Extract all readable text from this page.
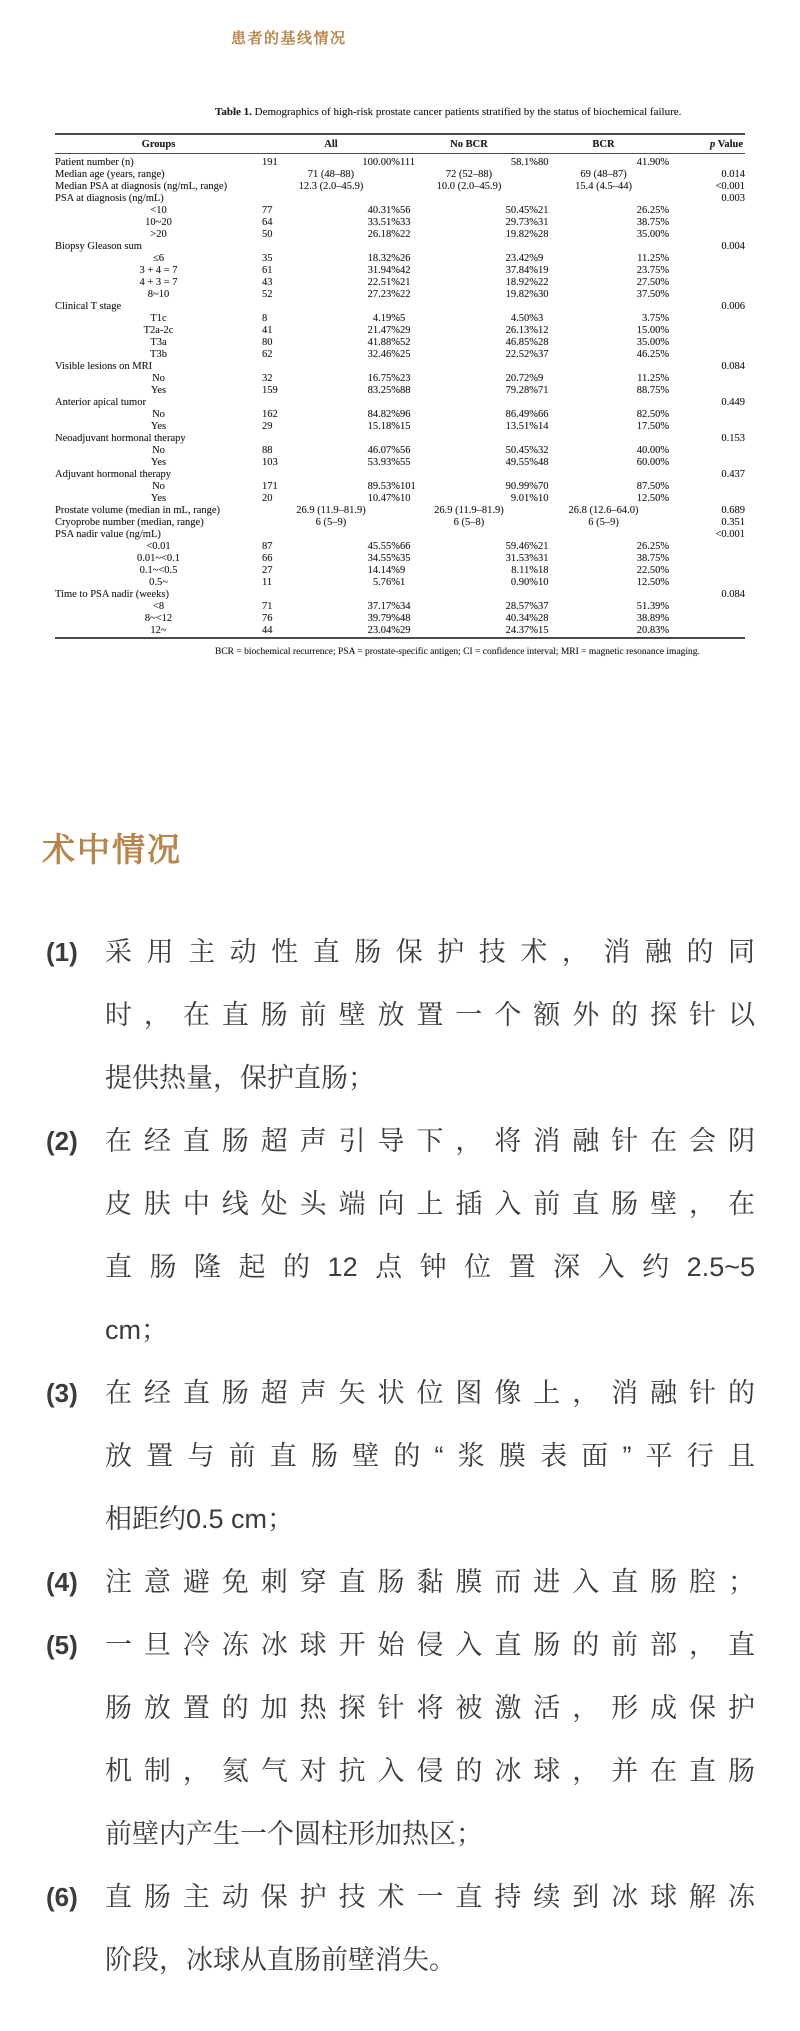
患者的基线情况
Table 1. Demographics of high-risk prostate cancer patients stratified by the status of biochemical failure.
Groups	All		No BCR		BCR		p Value
Patient number (n)	191	100.00%	111	58.1%	80	41.90%	
Median age (years, range)	71 (48–88)		72 (52–88)		69 (48–87)		0.014
Median PSA at diagnosis (ng/mL, range)	12.3 (2.0–45.9)		10.0 (2.0–45.9)		15.4 (4.5–44)		<0.001
PSA at diagnosis (ng/mL)							0.003
<10	77	40.31%	56	50.45%	21	26.25%	
10~20	64	33.51%	33	29.73%	31	38.75%	
>20	50	26.18%	22	19.82%	28	35.00%	
Biopsy Gleason sum							0.004
≤6	35	18.32%	26	23.42%	9	11.25%	
3 + 4 = 7	61	31.94%	42	37.84%	19	23.75%	
4 + 3 = 7	43	22.51%	21	18.92%	22	27.50%	
8~10	52	27.23%	22	19.82%	30	37.50%	
Clinical T stage							0.006
T1c	8	4.19%	5	4.50%	3	3.75%	
T2a-2c	41	21.47%	29	26.13%	12	15.00%	
T3a	80	41.88%	52	46.85%	28	35.00%	
T3b	62	32.46%	25	22.52%	37	46.25%	
Visible lesions on MRI							0.084
No	32	16.75%	23	20.72%	9	11.25%	
Yes	159	83.25%	88	79.28%	71	88.75%	
Anterior apical tumor							0.449
No	162	84.82%	96	86.49%	66	82.50%	
Yes	29	15.18%	15	13.51%	14	17.50%	
Neoadjuvant hormonal therapy							0.153
No	88	46.07%	56	50.45%	32	40.00%	
Yes	103	53.93%	55	49.55%	48	60.00%	
Adjuvant hormonal therapy							0.437
No	171	89.53%	101	90.99%	70	87.50%	
Yes	20	10.47%	10	9.01%	10	12.50%	
Prostate volume (median in mL, range)	26.9 (11.9–81.9)		26.9 (11.9–81.9)		26.8 (12.6–64.0)		0.689
Cryoprobe number (median, range)	6 (5–9)		6 (5–8)		6 (5–9)		0.351
PSA nadir value (ng/mL)							<0.001
<0.01	87	45.55%	66	59.46%	21	26.25%	
0.01~<0.1	66	34.55%	35	31.53%	31	38.75%	
0.1~<0.5	27	14.14%	9	8.11%	18	22.50%	
0.5~	11	5.76%	1	0.90%	10	12.50%	
Time to PSA nadir (weeks)							0.084
<8	71	37.17%	34	28.57%	37	51.39%	
8~<12	76	39.79%	48	40.34%	28	38.89%	
12~	44	23.04%	29	24.37%	15	20.83%	
BCR = biochemical recurrence; PSA = prostate-specific antigen; CI = confidence interval; MRI = magnetic resonance imaging.
术中情况
(1) 采用主动性直肠保护技术，消融的同
时，在直肠前壁放置一个额外的探针以
提供热量，保护直肠；
(2) 在经直肠超声引导下，将消融针在会阴
皮肤中线处头端向上插入前直肠壁，在
直肠隆起的12点钟位置深入约2.5~5
cm；
(3) 在经直肠超声矢状位图像上，消融针的
放置与前直肠壁的“浆膜表面”平行且
相距约0.5 cm；
(4) 注意避免刺穿直肠黏膜而进入直肠腔；
(5) 一旦冷冻冰球开始侵入直肠的前部，直
肠放置的加热探针将被激活，形成保护
机制，氦气对抗入侵的冰球，并在直肠
前壁内产生一个圆柱形加热区；
(6) 直肠主动保护技术一直持续到冰球解冻
阶段，冰球从直肠前壁消失。
